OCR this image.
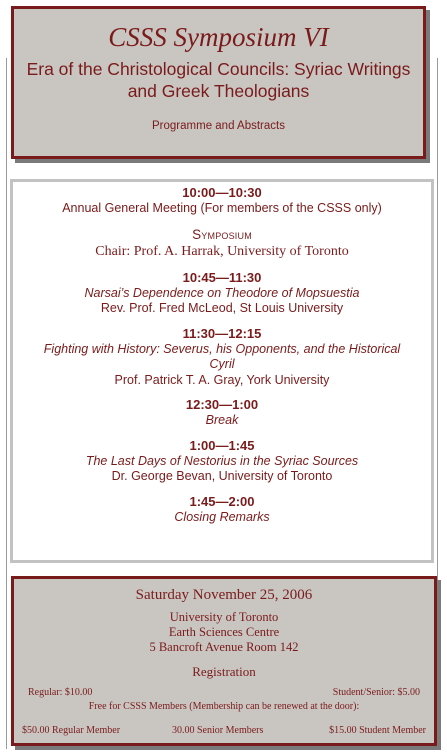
CSSS Symposium VI
Era of the Christological Councils: Syriac Writings and Greek Theologians
Programme and Abstracts
10:00—10:30
Annual General Meeting (For members of the CSSS only)
Symposium
Chair: Prof. A. Harrak, University of Toronto
10:45—11:30
Narsai’s Dependence on Theodore of Mopsuestia
Rev. Prof. Fred McLeod, St Louis University
11:30—12:15
Fighting with History: Severus, his Opponents, and the Historical Cyril
Prof. Patrick T. A. Gray, York University
12:30—1:00
Break
1:00—1:45
The Last Days of Nestorius in the Syriac Sources
Dr. George Bevan, University of Toronto
1:45—2:00
Closing Remarks
Saturday November 25, 2006
University of Toronto
Earth Sciences Centre
5 Bancroft Avenue Room 142
Registration
Regular: $10.00	Student/Senior: $5.00
Free for CSSS Members (Membership can be renewed at the door):
$50.00 Regular Member	30.00 Senior Members	$15.00 Student Member
